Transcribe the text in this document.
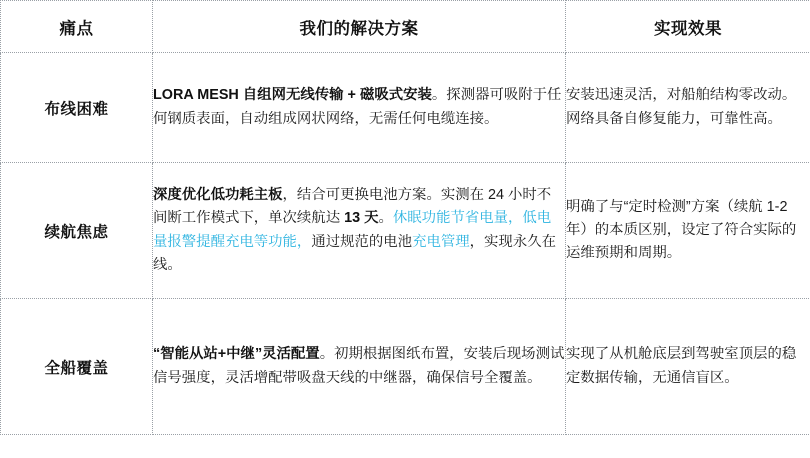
痛点	我们的解决方案	实现效果
布线困难	LORA MESH 自组网无线传输 + 磁吸式安装。探测器可吸附于任何钢质表面，自动组成网状网络，无需任何电缆连接。	安装迅速灵活，对船舶结构零改动。网络具备自修复能力，可靠性高。
续航焦虑	深度优化低功耗主板，结合可更换电池方案。实测在 24 小时不间断工作模式下，单次续航达 13 天。休眠功能节省电量，低电量报警提醒充电等功能，通过规范的电池充电管理，实现永久在线。	明确了与“定时检测”方案（续航 1-2 年）的本质区别，设定了符合实际的运维预期和周期。
全船覆盖	“智能从站+中继”灵活配置。初期根据图纸布置，安装后现场测试信号强度，灵活增配带吸盘天线的中继器，确保信号全覆盖。	实现了从机舱底层到驾驶室顶层的稳定数据传输，无通信盲区。
